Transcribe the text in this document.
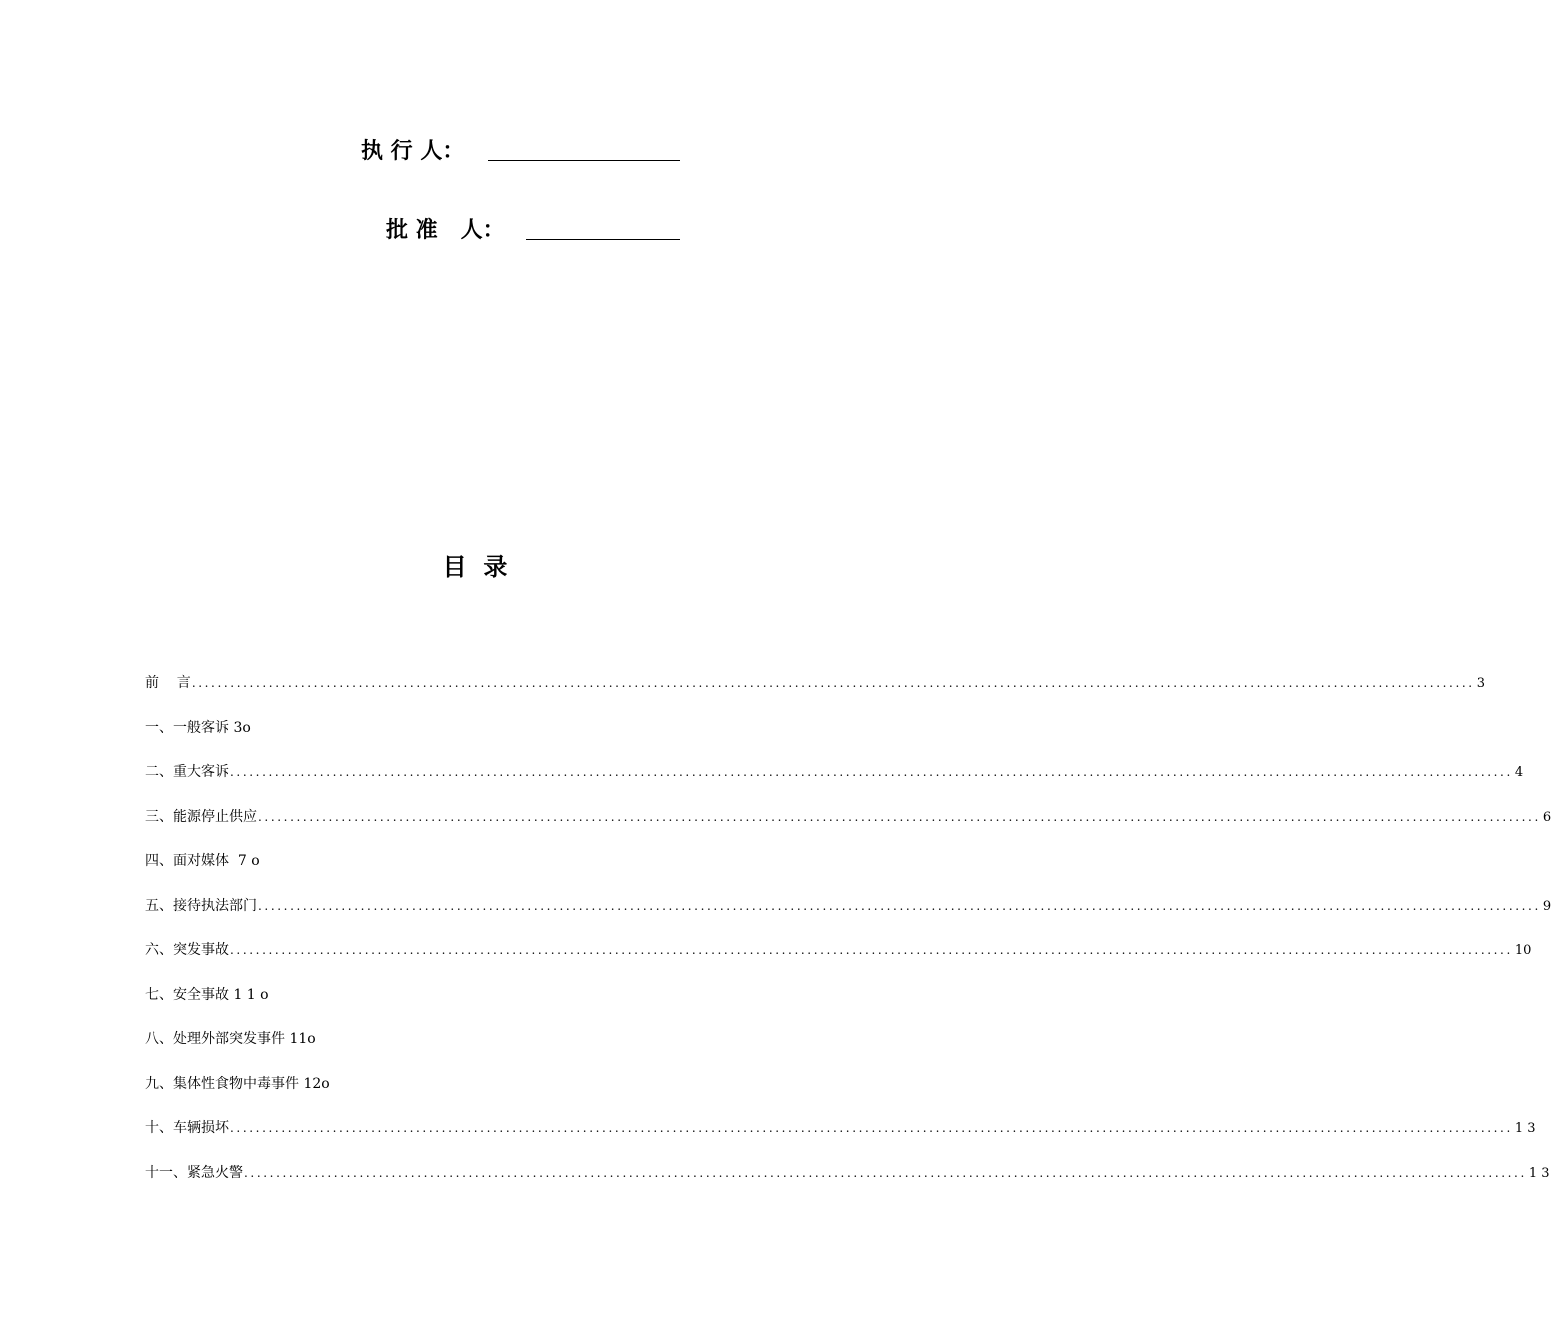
执 行 人：
批 准   人：
目  录
前    言 ........................................................................................................................................................................................................ 3
一、一般客诉 3o
二、重大客诉 ........................................................................................................................................................................................................ 4
三、能源停止供应 ........................................................................................................................................................................................................ 6
四、面对媒体  7 o
五、接待执法部门 ........................................................................................................................................................................................................ 9
六、突发事故 ........................................................................................................................................................................................................ 10
七、安全事故 1 1 o
八、处理外部突发事件 11o
九、集体性食物中毒事件 12o
十、车辆损坏 ........................................................................................................................................................................................................ 1 3
十一、紧急火警 ........................................................................................................................................................................................................ 1 3
